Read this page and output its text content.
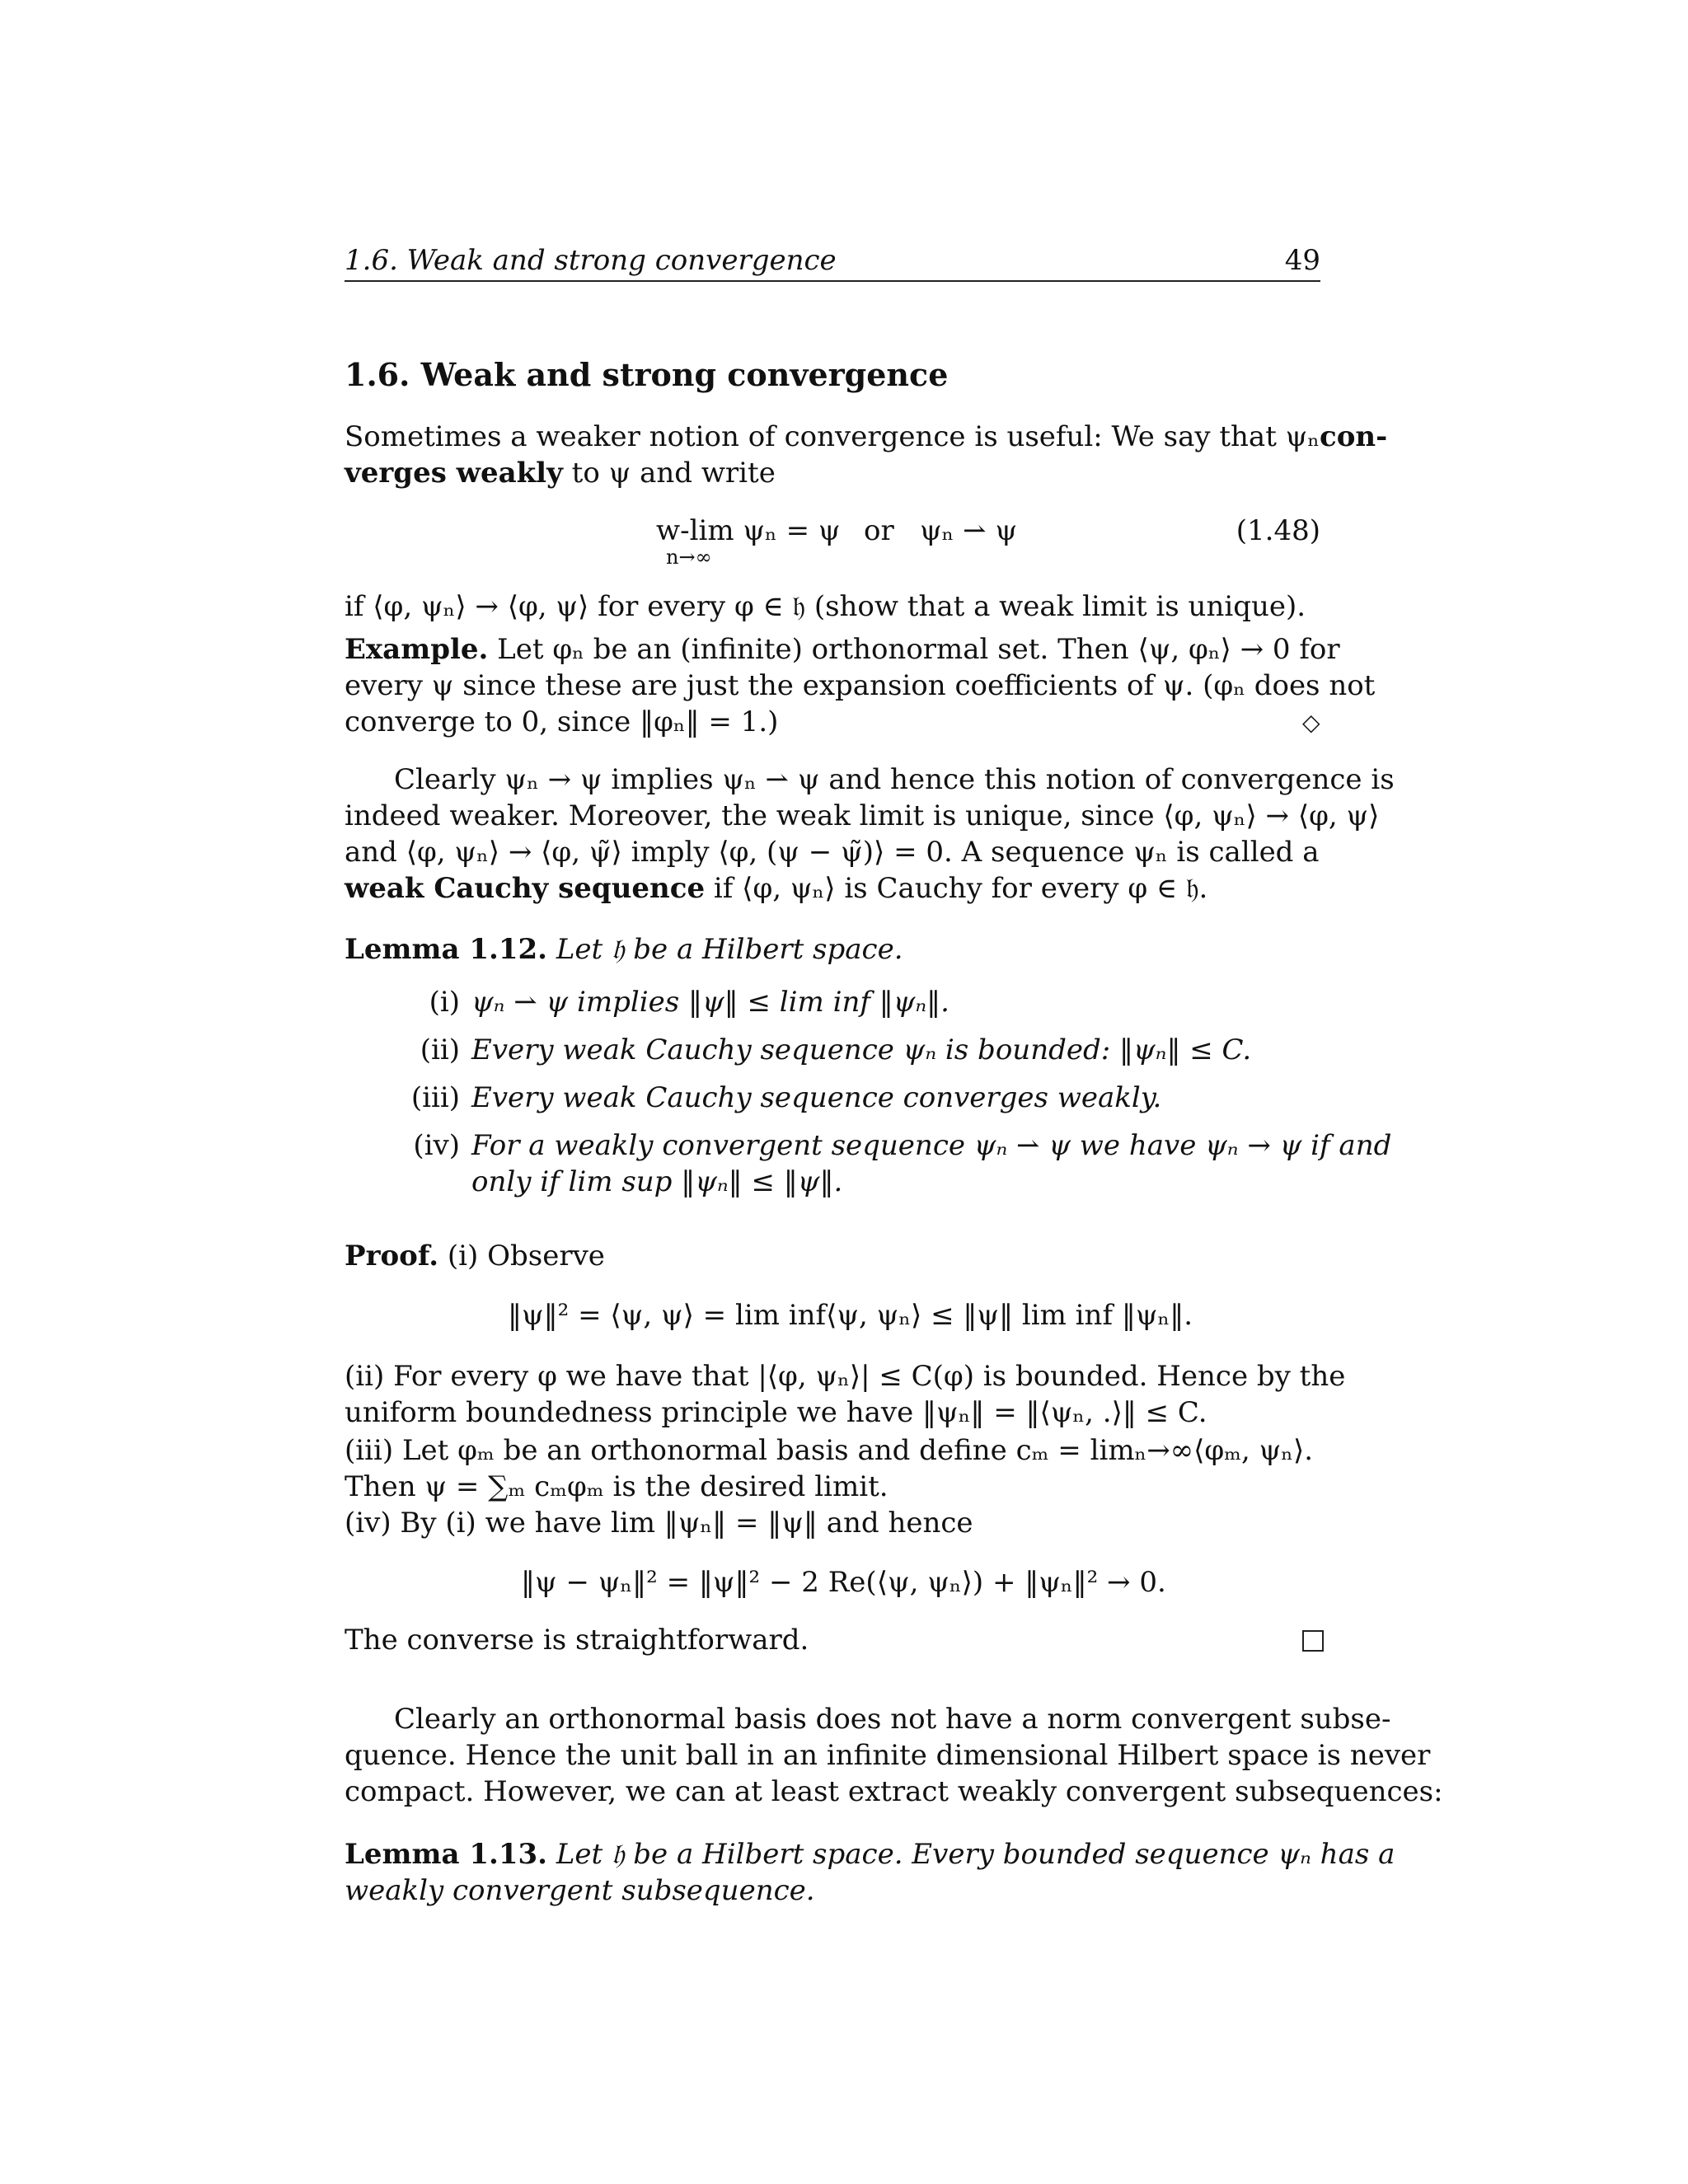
1.6. Weak and strong convergence	49
1.6. Weak and strong convergence
Sometimes a weaker notion of convergence is useful: We say that ψₙ con-
verges weakly to ψ and write
w-lim ψₙ = ψ
n→∞
or ψₙ ⇀ ψ	(1.48)
if ⟨φ, ψₙ⟩ → ⟨φ, ψ⟩ for every φ ∈ 𝔥 (show that a weak limit is unique).
Example. Let φₙ be an (infinite) orthonormal set. Then ⟨ψ, φₙ⟩ → 0 for
every ψ since these are just the expansion coefficients of ψ. (φₙ does not
converge to 0, since ‖φₙ‖ = 1.)	◇
Clearly ψₙ → ψ implies ψₙ ⇀ ψ and hence this notion of convergence is
indeed weaker. Moreover, the weak limit is unique, since ⟨φ, ψₙ⟩ → ⟨φ, ψ⟩
and ⟨φ, ψₙ⟩ → ⟨φ, ψ̃⟩ imply ⟨φ, (ψ − ψ̃)⟩ = 0. A sequence ψₙ is called a
weak Cauchy sequence if ⟨φ, ψₙ⟩ is Cauchy for every φ ∈ 𝔥.
Lemma 1.12. Let 𝔥 be a Hilbert space.
(i) ψₙ ⇀ ψ implies ‖ψ‖ ≤ lim inf ‖ψₙ‖.
(ii) Every weak Cauchy sequence ψₙ is bounded: ‖ψₙ‖ ≤ C.
(iii) Every weak Cauchy sequence converges weakly.
(iv) For a weakly convergent sequence ψₙ ⇀ ψ we have ψₙ → ψ if and
only if lim sup ‖ψₙ‖ ≤ ‖ψ‖.
Proof. (i) Observe
‖ψ‖² = ⟨ψ, ψ⟩ = lim inf⟨ψ, ψₙ⟩ ≤ ‖ψ‖ lim inf ‖ψₙ‖.
(ii) For every φ we have that |⟨φ, ψₙ⟩| ≤ C(φ) is bounded. Hence by the
uniform boundedness principle we have ‖ψₙ‖ = ‖⟨ψₙ, .⟩‖ ≤ C.
(iii) Let φₘ be an orthonormal basis and define cₘ = limₙ→∞⟨φₘ, ψₙ⟩.
Then ψ = ∑ₘ cₘφₘ is the desired limit.
(iv) By (i) we have lim ‖ψₙ‖ = ‖ψ‖ and hence
‖ψ − ψₙ‖² = ‖ψ‖² − 2 Re(⟨ψ, ψₙ⟩) + ‖ψₙ‖² → 0.
The converse is straightforward.
Clearly an orthonormal basis does not have a norm convergent subse-
quence. Hence the unit ball in an infinite dimensional Hilbert space is never
compact. However, we can at least extract weakly convergent subsequences:
Lemma 1.13. Let 𝔥 be a Hilbert space. Every bounded sequence ψₙ has a
weakly convergent subsequence.
